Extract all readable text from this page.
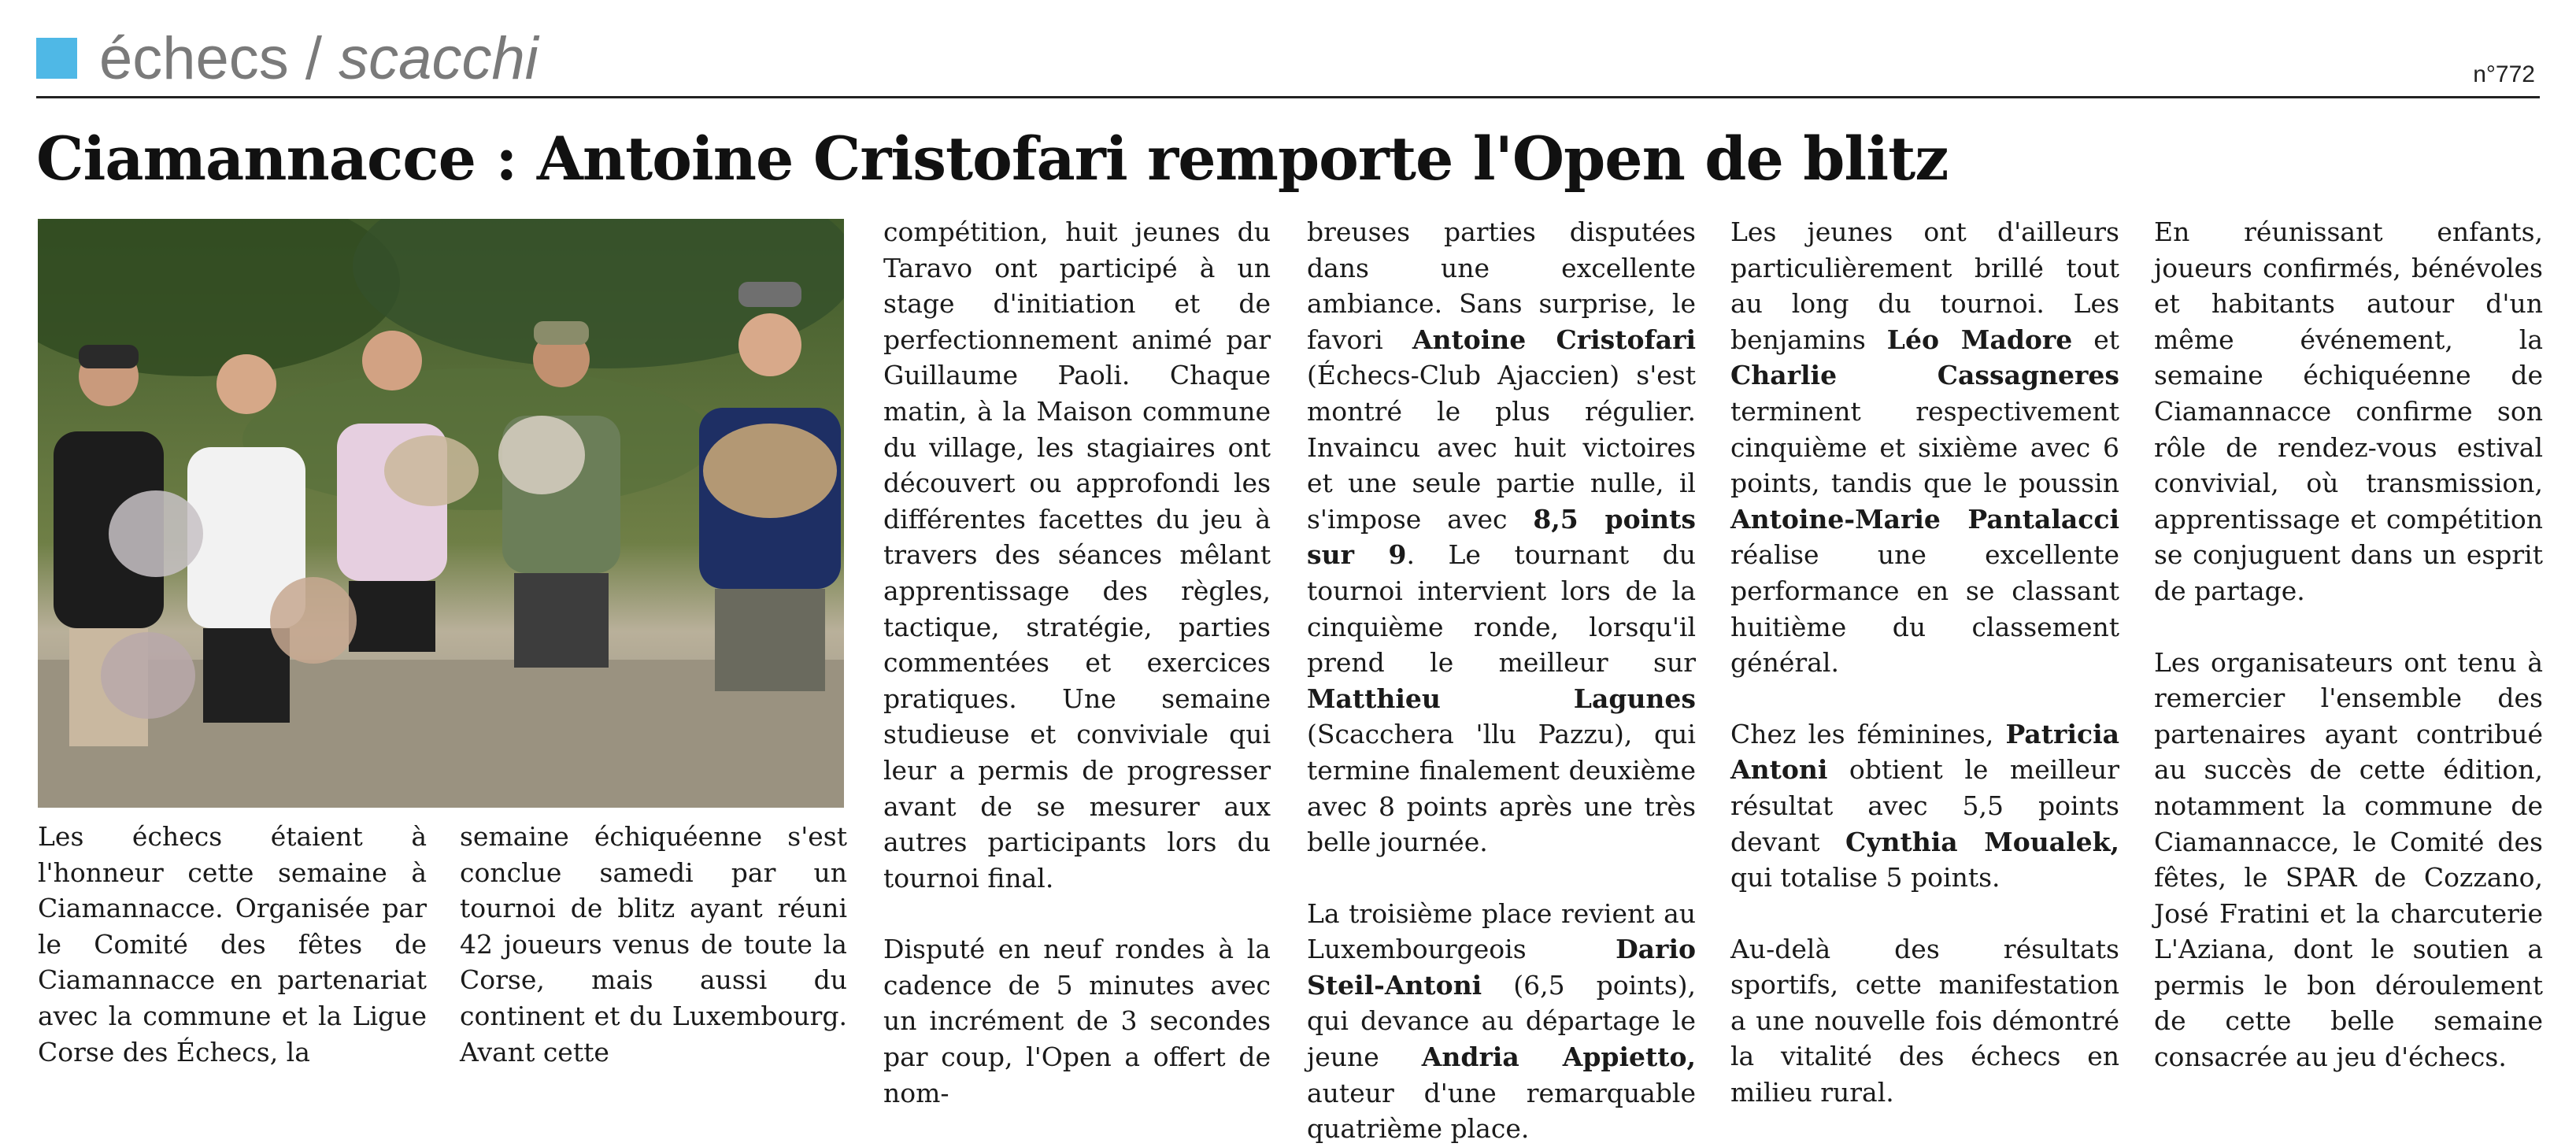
échecs / scacchi	n°772
Ciamannacce : Antoine Cristofari remporte l'Open de blitz

Les échecs étaient à l'honneur cette semaine à Ciamannacce. Organisée par le Comité des fêtes de Ciamannacce en partenariat avec la commune et la Ligue Corse des Échecs, la

semaine échiquéenne s'est conclue samedi par un tournoi de blitz ayant réuni 42 joueurs venus de toute la Corse, mais aussi du continent et du Luxembourg. Avant cette

compétition, huit jeunes du Taravo ont participé à un stage d'initiation et de perfectionnement animé par Guillaume Paoli. Chaque matin, à la Maison commune du village, les stagiaires ont découvert ou approfondi les différentes facettes du jeu à travers des séances mêlant apprentissage des règles, tactique, stratégie, parties commentées et exercices pratiques. Une semaine studieuse et conviviale qui leur a permis de progresser avant de se mesurer aux autres participants lors du tournoi final.

Disputé en neuf rondes à la cadence de 5 minutes avec un incrément de 3 secondes par coup, l'Open a offert de nom-

breuses parties disputées dans une excellente ambiance. Sans surprise, le favori Antoine Cristofari (Échecs-Club Ajaccien) s'est montré le plus régulier. Invaincu avec huit victoires et une seule partie nulle, il s'impose avec 8,5 points sur 9. Le tournant du tournoi intervient lors de la cinquième ronde, lorsqu'il prend le meilleur sur Matthieu Lagunes (Scacchera 'llu Pazzu), qui termine finalement deuxième avec 8 points après une très belle journée.

La troisième place revient au Luxembourgeois Dario Steil-Antoni (6,5 points), qui devance au départage le jeune Andria Appietto, auteur d'une remarquable quatrième place.

Les jeunes ont d'ailleurs particulièrement brillé tout au long du tournoi. Les benjamins Léo Madore et Charlie Cassagneres terminent respectivement cinquième et sixième avec 6 points, tandis que le poussin Antoine-Marie Pantalacci réalise une excellente performance en se classant huitième du classement général.

Chez les féminines, Patricia Antoni obtient le meilleur résultat avec 5,5 points devant Cynthia Moualek, qui totalise 5 points.

Au-delà des résultats sportifs, cette manifestation a une nouvelle fois démontré la vitalité des échecs en milieu rural.

En réunissant enfants, joueurs confirmés, bénévoles et habitants autour d'un même événement, la semaine échiquéenne de Ciamannacce confirme son rôle de rendez-vous estival convivial, où transmission, apprentissage et compétition se conjuguent dans un esprit de partage.

Les organisateurs ont tenu à remercier l'ensemble des partenaires ayant contribué au succès de cette édition, notamment la commune de Ciamannacce, le Comité des fêtes, le SPAR de Cozzano, José Fratini et la charcuterie L'Aziana, dont le soutien a permis le bon déroulement de cette belle semaine consacrée au jeu d'échecs.
